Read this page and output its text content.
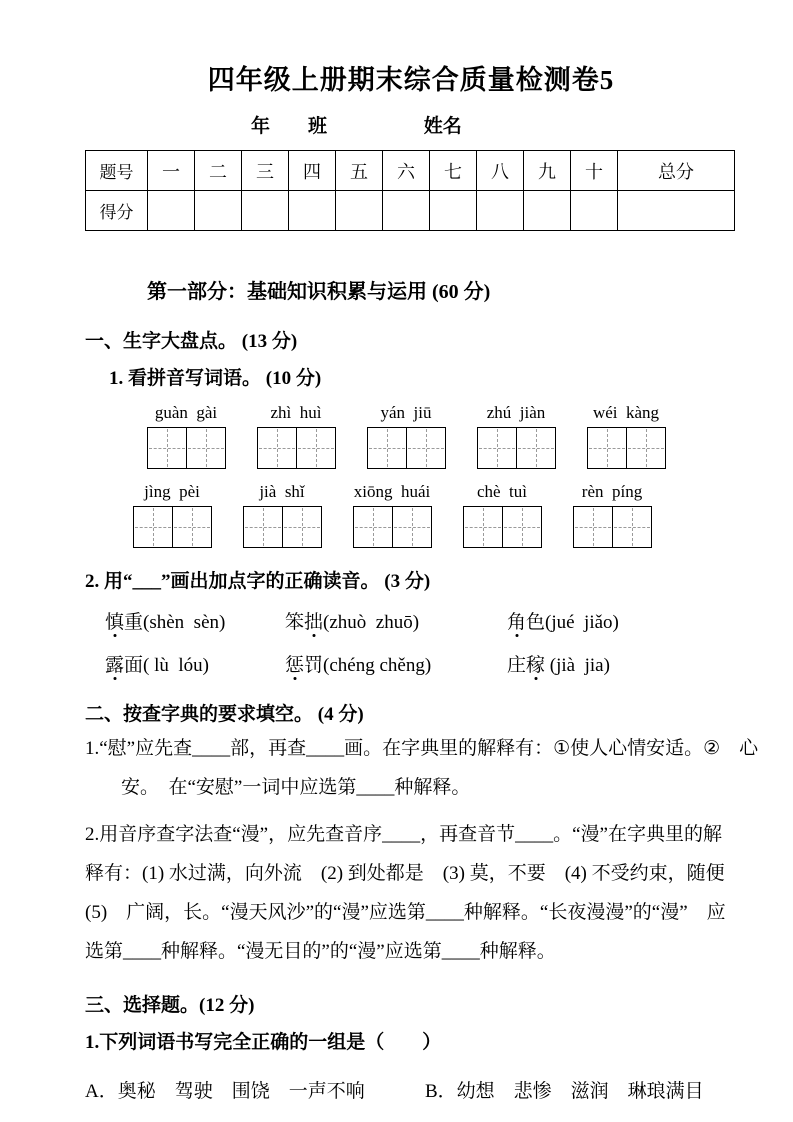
四年级上册期末综合质量检测卷5
年　　班	姓名
题号	一	二	三	四	五	六	七	八	九	十	总分
得分											
第一部分：基础知识积累与运用 (60 分)
一、生字大盘点。 (13 分)
1. 看拼音写词语。 (10 分)
guàn  gài	zhì  huì	yán  jiū	zhú  jiàn	wéi  kàng
jìng  pèi	jià  shǐ	xiōng  huái	chè  tuì	rèn  píng
2. 用“___”画出加点字的正确读音。 (3 分)
慎重(shèn  sèn)	笨拙(zhuò  zhuō)	角色(jué  jiǎo)
露面( lù  lóu)	惩罚(chéng chěng)	庄稼 (jià  jia)
二、按查字典的要求填空。 (4 分)

1.“慰”应先查____部，再查____画。在字典里的解释有：①使人心情安适。②　心安。　在“安慰”一词中应选第____种解释。

2.用音序查字法查“漫”，应先查音序____，再查音节____。“漫”在字典里的解释有：(1) 水过满，向外流　(2) 到处都是　(3) 莫，不要　(4) 不受约束，随便　(5)　广阔，长。“漫天风沙”的“漫”应选第____种解释。“长夜漫漫”的“漫”　应选第____种解释。“漫无目的”的“漫”应选第____种解释。

三、选择题。(12 分)
1.下列词语书写完全正确的一组是（　　）
A．奥秘　驾驶　围饶　一声不响	B．幼想　悲惨　滋润　琳琅满目
